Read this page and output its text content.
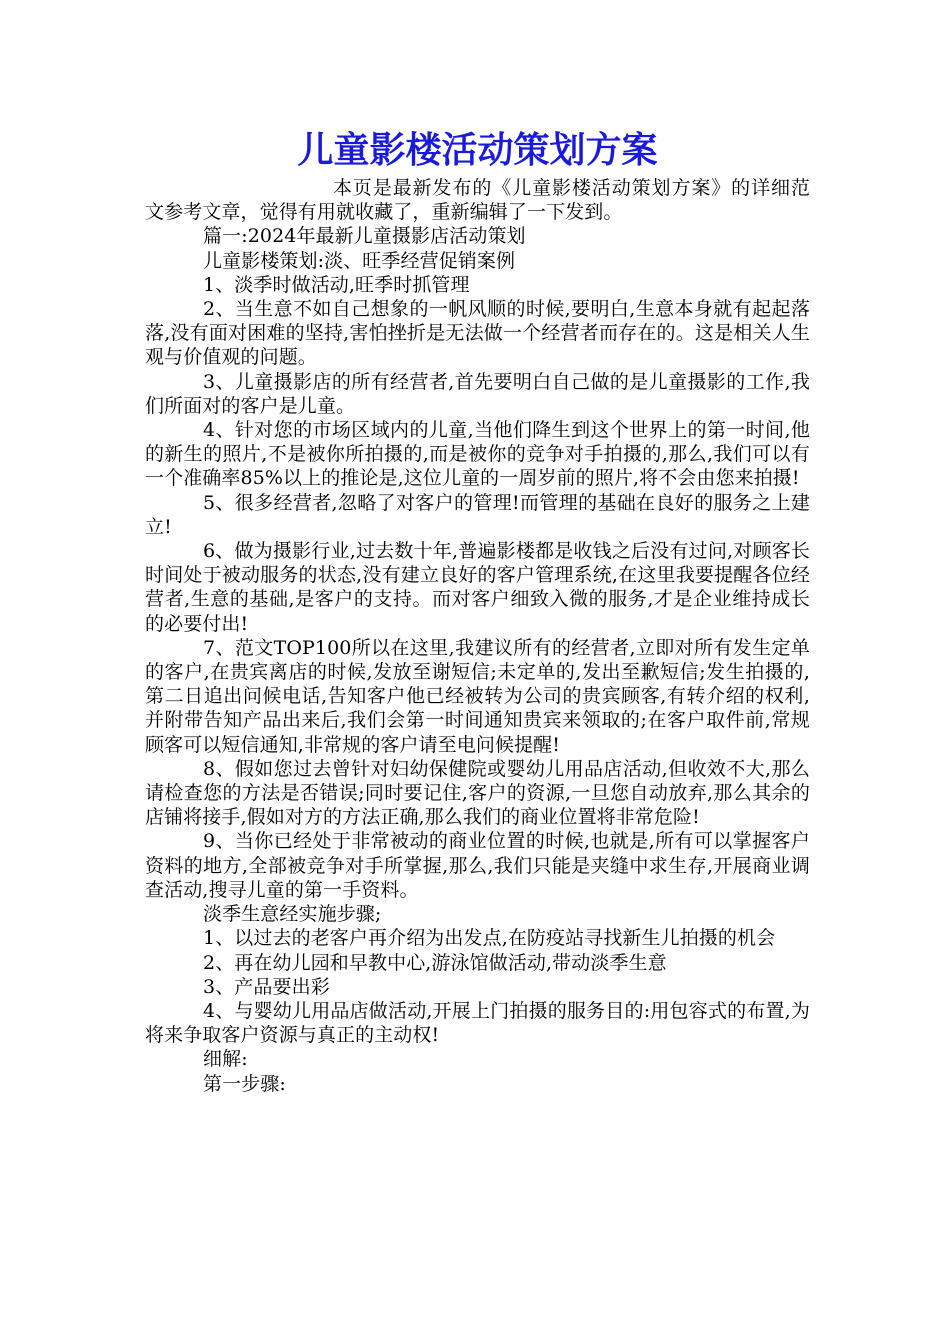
儿童影楼活动策划方案

本页是最新发布的《儿童影楼活动策划方案》的详细范文参考文章，觉得有用就收藏了，重新编辑了一下发到。

篇一:2024年最新儿童摄影店活动策划

儿童影楼策划:淡、旺季经营促销案例

1、淡季时做活动,旺季时抓管理

2、当生意不如自己想象的一帆风顺的时候,要明白,生意本身就有起起落落,没有面对困难的坚持,害怕挫折是无法做一个经营者而存在的。这是相关人生观与价值观的问题。

3、儿童摄影店的所有经营者,首先要明白自己做的是儿童摄影的工作,我们所面对的客户是儿童。

4、针对您的市场区域内的儿童,当他们降生到这个世界上的第一时间,他的新生的照片,不是被你所拍摄的,而是被你的竞争对手拍摄的,那么,我们可以有一个准确率85%以上的推论是,这位儿童的一周岁前的照片,将不会由您来拍摄!

5、很多经营者,忽略了对客户的管理!而管理的基础在良好的服务之上建立!

6、做为摄影行业,过去数十年,普遍影楼都是收钱之后没有过问,对顾客长时间处于被动服务的状态,没有建立良好的客户管理系统,在这里我要提醒各位经营者,生意的基础,是客户的支持。而对客户细致入微的服务,才是企业维持成长的必要付出!

7、范文TOP100所以在这里,我建议所有的经营者,立即对所有发生定单的客户,在贵宾离店的时候,发放至谢短信;未定单的,发出至歉短信;发生拍摄的,第二日追出问候电话,告知客户他已经被转为公司的贵宾顾客,有转介绍的权利,并附带告知产品出来后,我们会第一时间通知贵宾来领取的;在客户取件前,常规顾客可以短信通知,非常规的客户请至电问候提醒!

8、假如您过去曾针对妇幼保健院或婴幼儿用品店活动,但收效不大,那么请检查您的方法是否错误;同时要记住,客户的资源,一旦您自动放弃,那么其余的店铺将接手,假如对方的方法正确,那么我们的商业位置将非常危险!

9、当你已经处于非常被动的商业位置的时候,也就是,所有可以掌握客户资料的地方,全部被竞争对手所掌握,那么,我们只能是夹缝中求生存,开展商业调查活动,搜寻儿童的第一手资料。

淡季生意经实施步骤;

1、以过去的老客户再介绍为出发点,在防疫站寻找新生儿拍摄的机会

2、再在幼儿园和早教中心,游泳馆做活动,带动淡季生意

3、产品要出彩

4、与婴幼儿用品店做活动,开展上门拍摄的服务目的:用包容式的布置,为将来争取客户资源与真正的主动权!

细解:

第一步骤:
